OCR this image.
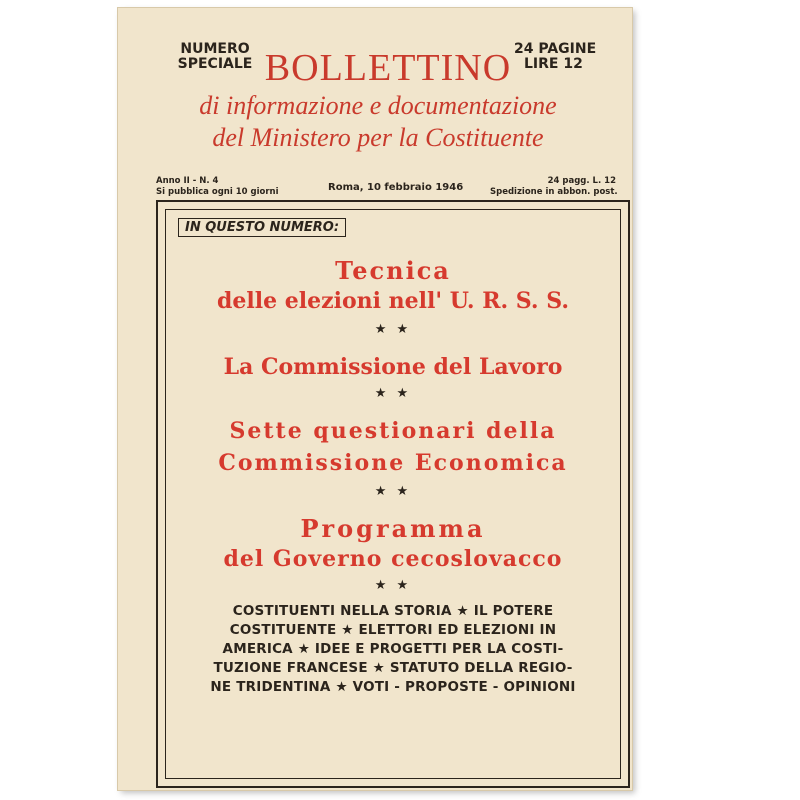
NUMERO
SPECIALE BOLLETTINO 24 PAGINE
LIRE 12
di informazione e documentazione
del Ministero per la Costituente
Anno II - N. 4
Si pubblica ogni 10 giorni	Roma, 10 febbraio 1946
24 pagg. L. 12
Spedizione in abbon. post.
IN QUESTO NUMERO:
Tecnica
delle elezioni nell' U. R. S. S.
★ ★
La Commissione del Lavoro
★ ★
Sette questionari della
Commissione Economica
★ ★
Programma
del Governo cecoslovacco
★ ★
COSTITUENTI NELLA STORIA ★ IL POTERE
COSTITUENTE ★ ELETTORI ED ELEZIONI IN
AMERICA ★ IDEE E PROGETTI PER LA COSTI-
TUZIONE FRANCESE ★ STATUTO DELLA REGIO-
NE TRIDENTINA ★ VOTI - PROPOSTE - OPINIONI
